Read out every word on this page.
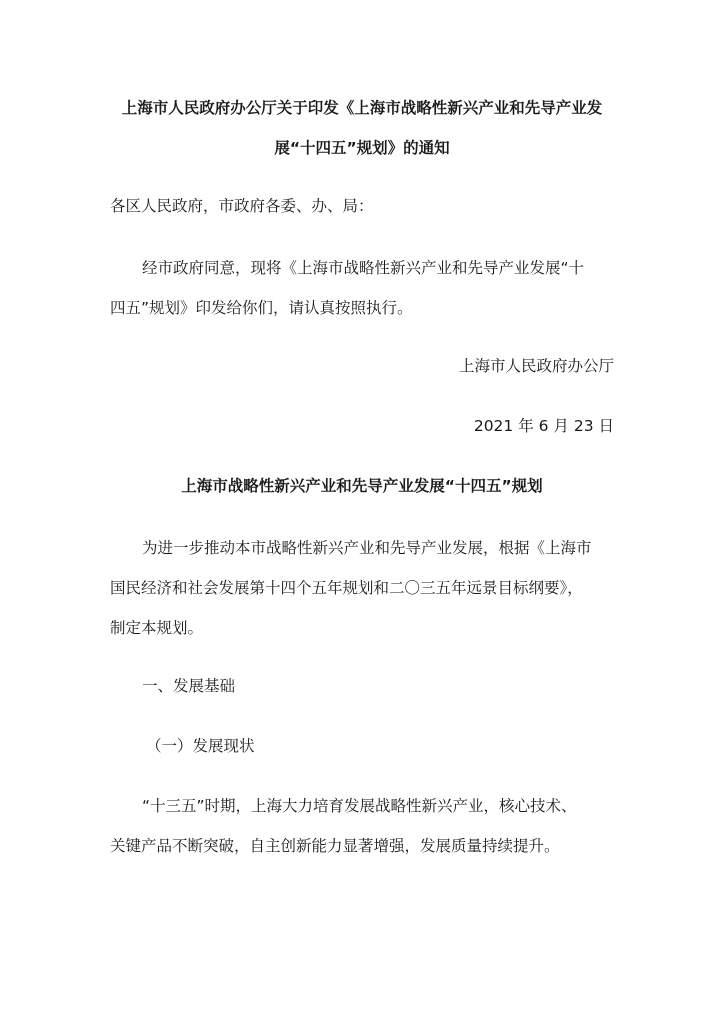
上海市人民政府办公厅关于印发《上海市战略性新兴产业和先导产业发
展“十四五”规划》的通知
各区人民政府，市政府各委、办、局：
经市政府同意，现将《上海市战略性新兴产业和先导产业发展“十
四五”规划》印发给你们，请认真按照执行。
上海市人民政府办公厅
2021 年 6 月 23 日
上海市战略性新兴产业和先导产业发展“十四五”规划
为进一步推动本市战略性新兴产业和先导产业发展，根据《上海市
国民经济和社会发展第十四个五年规划和二〇三五年远景目标纲要》，
制定本规划。
一、发展基础
（一）发展现状
“十三五”时期，上海大力培育发展战略性新兴产业，核心技术、
关键产品不断突破，自主创新能力显著增强，发展质量持续提升。
